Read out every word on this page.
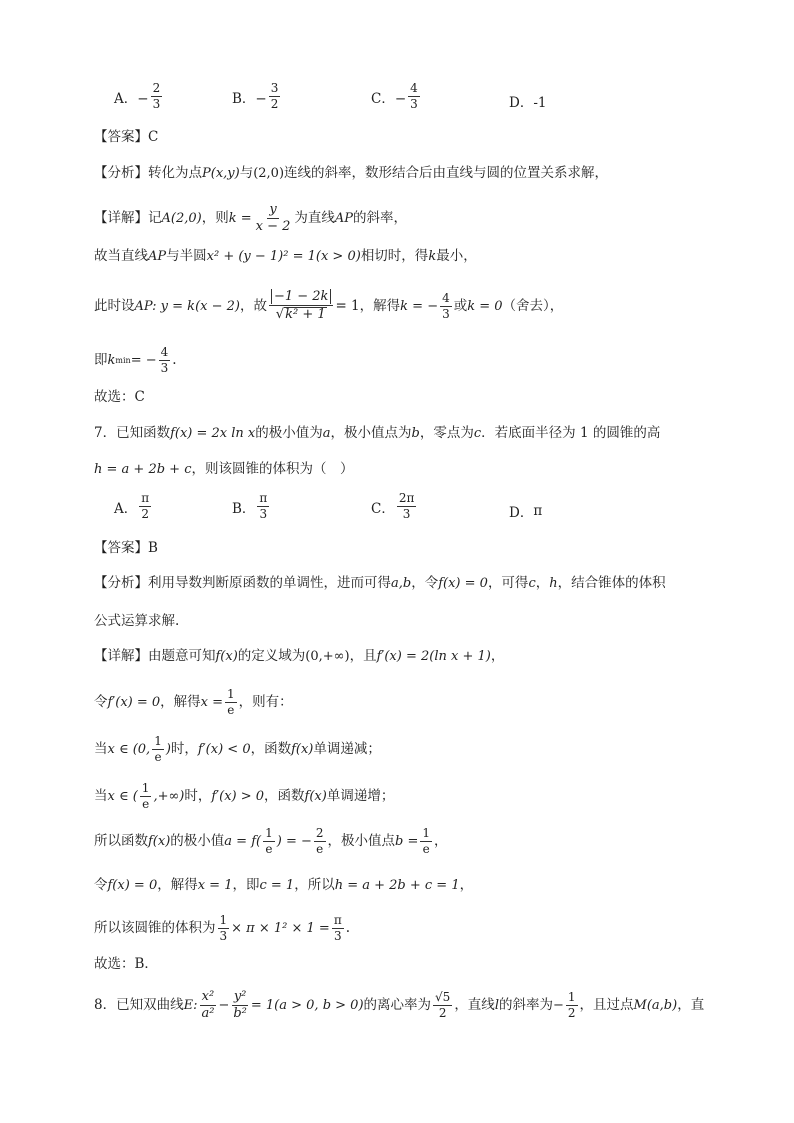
A．− $\frac{2}{3}$	B．− $\frac{3}{2}$	C．− $\frac{4}{3}$	D．-1
【答案】C
【分析】转化为点P(x,y)与(2,0)连线的斜率，数形结合后由直线与圆的位置关系求解，
【详解】 记 A(2,0) ，则 $k = \frac{y}{x - 2}$ 为直线 AP 的斜率，
故当直线AP与半圆x² + (y − 1)² = 1(x > 0)相切时，得k最小，
此时设 AP: y = k(x − 2) ，故 $\frac{-1 - 2k}{\text{√ k² + 1}} = 1$，解得 k = − $\frac{4}{3}$ 或 k = 0 （舍去），
即 k min = − $\frac{4}{3}$ .
故选：C
7．已知函数f(x) = 2x ln x的极小值为a，极小值点为b，零点为c．若底面半径为 1 的圆锥的高
h = a + 2b + c，则该圆锥的体积为（　）
A． $\frac{\pi}{2}$	B． $\frac{\pi}{3}$	C． $\frac{2\pi}{3}$	D． π
【答案】B
【分析】利用导数判断原函数的单调性，进而可得a,b，令f(x) = 0，可得c，h，结合锥体的体积
公式运算求解.
【详解】由题意可知f(x)的定义域为(0,+∞)，且f′(x) = 2(ln x + 1)，
令 f′(x) = 0 ，解得 $x = \frac{1}{e}$ ，则有：
当 x ∈ (0, $\frac{1}{e}$ ) 时， f′(x) < 0 ，函数 f(x) 单调递减；
当 x ∈ ( $\frac{1}{e}$ ,+∞) 时， f′(x) > 0 ，函数 f(x) 单调递增；
所以函数 f(x) 的极小值 $a = f( \frac{1}{e}$ ) = − $\frac{2}{e}$ ，极小值点 $b = \frac{1}{e}$ ，
令f(x) = 0，解得x = 1，即c = 1，所以h = a + 2b + c = 1，
所以该圆锥的体积为 $\frac{1}{3} \times \pi \times 1^2 \times 1 = \frac{\pi}{3}$ .
故选：B．
8．已知双曲线 E: $\frac{\text{x²}}{\text{a²}} - \frac{\text{y²}}{\text{b²}} = 1(a > 0$, b > 0) 的离心率为 $\frac{√5}{2}$ ，直线 l 的斜率为 − $\frac{1}{2}$ ，且过点 M(a,b) ，直
